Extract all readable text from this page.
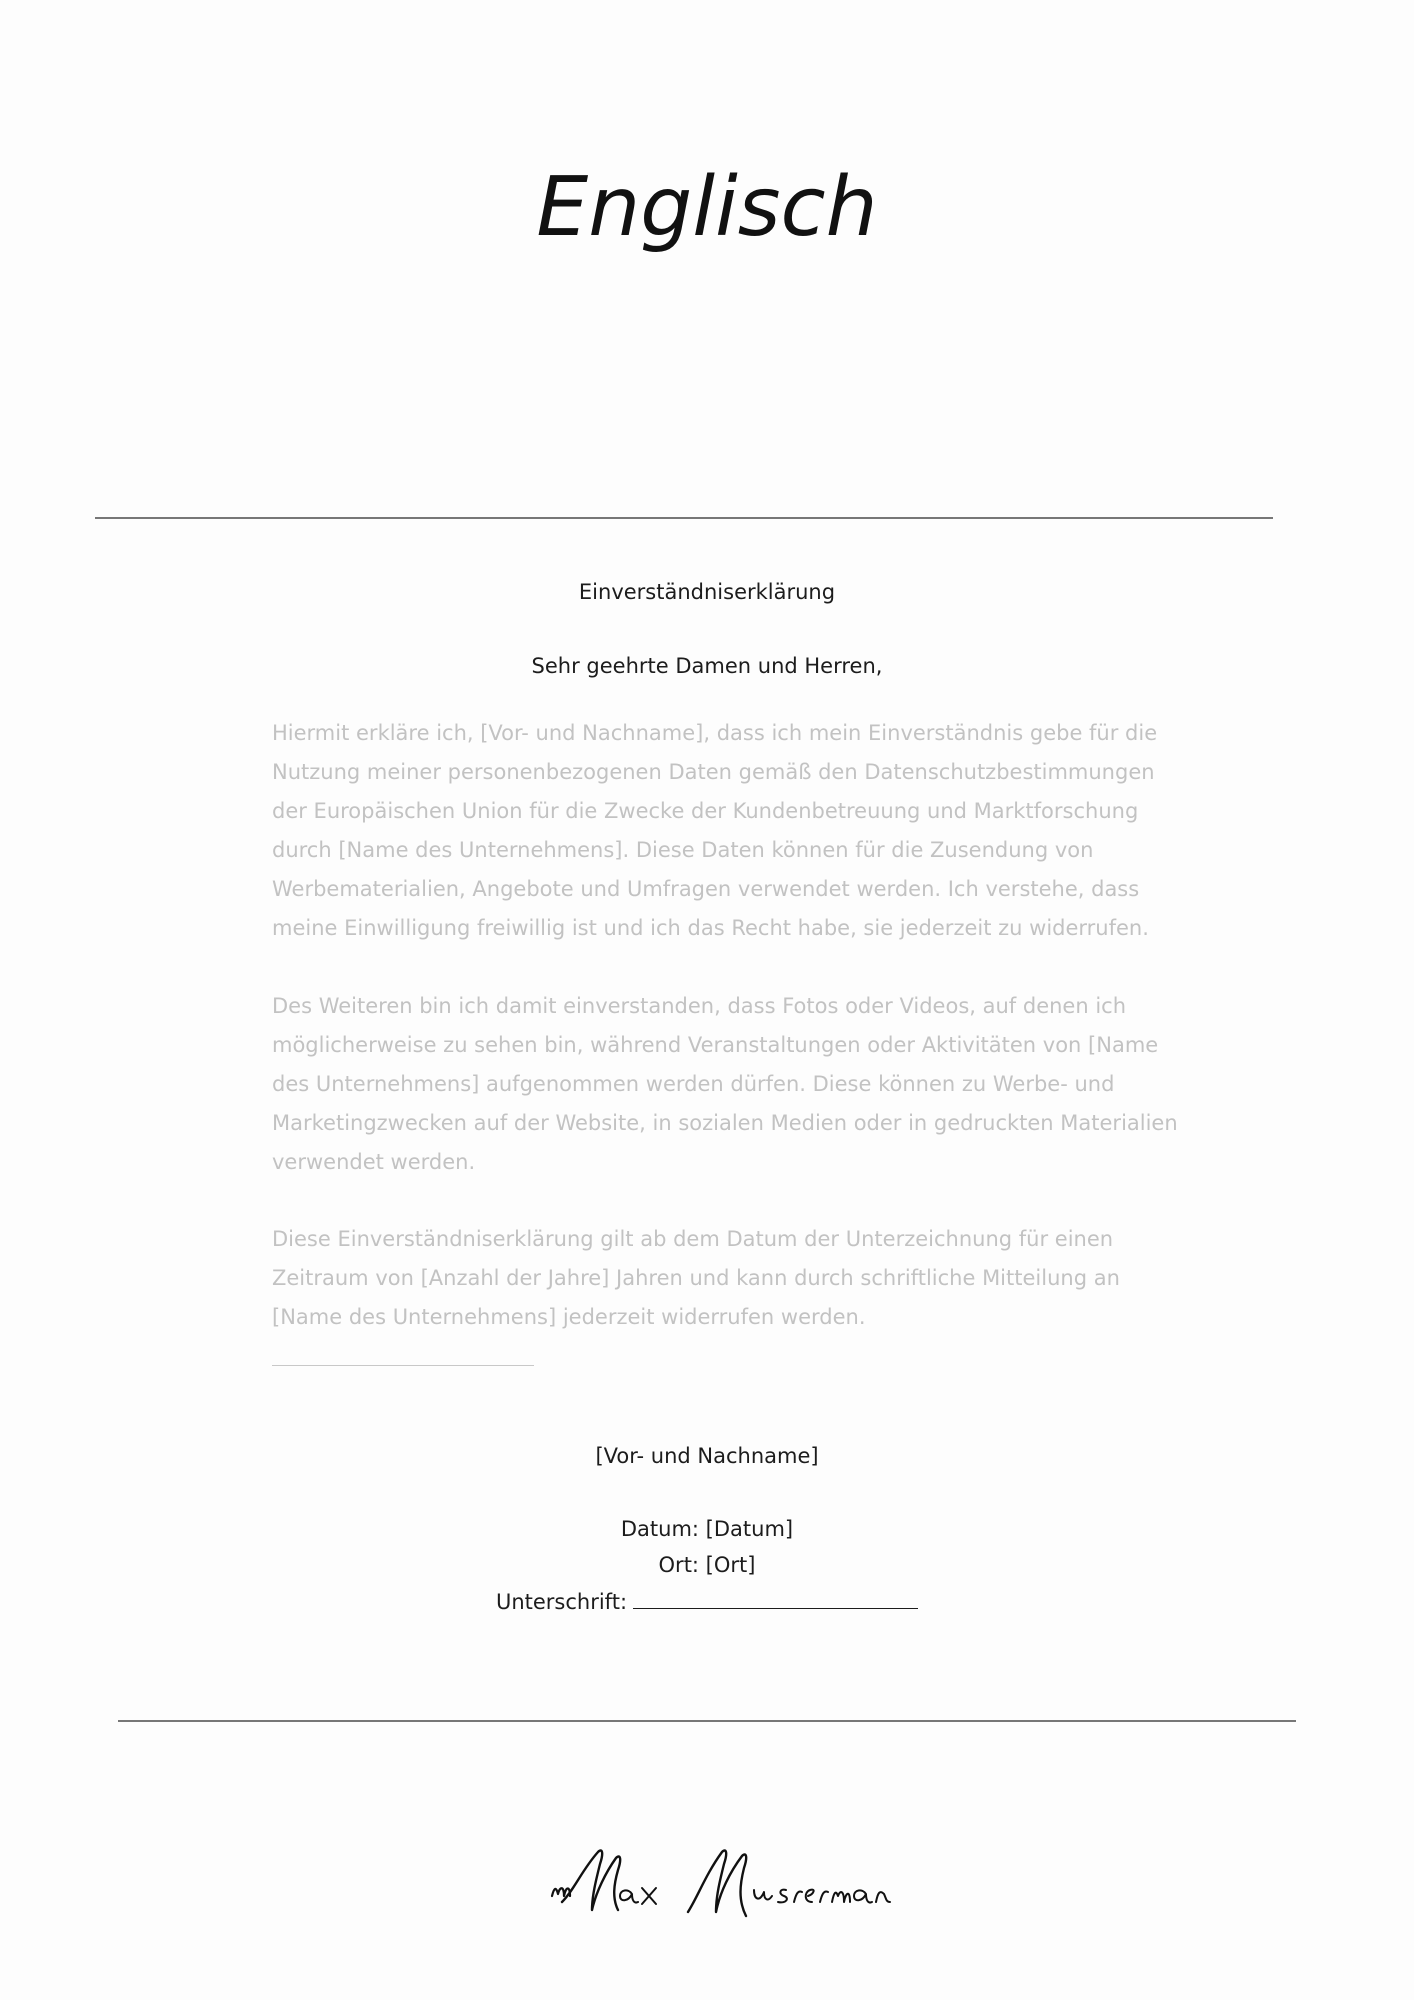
Englisch
Einverständniserklärung
Sehr geehrte Damen und Herren,

Hiermit erkläre ich, [Vor- und Nachname], dass ich mein Einverständnis gebe für die Nutzung meiner personenbezogenen Daten gemäß den Datenschutzbestimmungen der Europäischen Union für die Zwecke der Kundenbetreuung und Marktforschung durch [Name des Unternehmens]. Diese Daten können für die Zusendung von Werbematerialien, Angebote und Umfragen verwendet werden. Ich verstehe, dass meine Einwilligung freiwillig ist und ich das Recht habe, sie jederzeit zu widerrufen.

Des Weiteren bin ich damit einverstanden, dass Fotos oder Videos, auf denen ich möglicherweise zu sehen bin, während Veranstaltungen oder Aktivitäten von [Name des Unternehmens] aufgenommen werden dürfen. Diese können zu Werbe- und Marketingzwecken auf der Website, in sozialen Medien oder in gedruckten Materialien verwendet werden.

Diese Einverständniserklärung gilt ab dem Datum der Unterzeichnung für einen Zeitraum von [Anzahl der Jahre] Jahren und kann durch schriftliche Mitteilung an [Name des Unternehmens] jederzeit widerrufen werden.

[Vor- und Nachname]
Datum: [Datum]
Ort: [Ort]
Unterschrift:
